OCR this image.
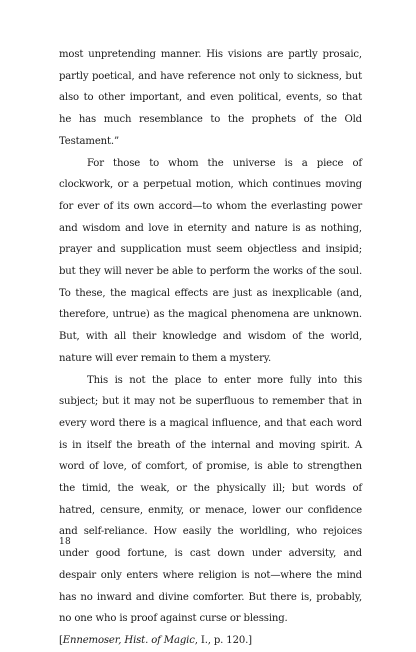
most unpretending manner. His visions are partly prosaic, partly poetical, and have reference not only to sickness, but also to other important, and even political, events, so that he has much resemblance to the prophets of the Old Testament.”

For those to whom the universe is a piece of clockwork, or a perpetual motion, which continues moving for ever of its own accord—to whom the everlasting power and wisdom and love in eternity and nature is as nothing, prayer and supplication must seem objectless and insipid; but they will never be able to perform the works of the soul. To these, the magical effects are just as inexplicable (and, therefore, untrue) as the magical phenomena are unknown. But, with all their knowledge and wisdom of the world, nature will ever remain to them a mystery.

This is not the place to enter more fully into this subject; but it may not be superfluous to remember that in every word there is a magical influence, and that each word is in itself the breath of the internal and moving spirit. A word of love, of comfort, of promise, is able to strengthen the timid, the weak, or the physically ill; but words of hatred, censure, enmity, or menace, lower our confidence and self-reliance. How easily the worldling, who rejoices under good fortune, is cast down under adversity, and despair only enters where religion is not—where the mind has no inward and divine comforter. But there is, probably, no one who is proof against curse or blessing.

[Ennemoser, Hist. of Magic, I., p. 120.]

18
